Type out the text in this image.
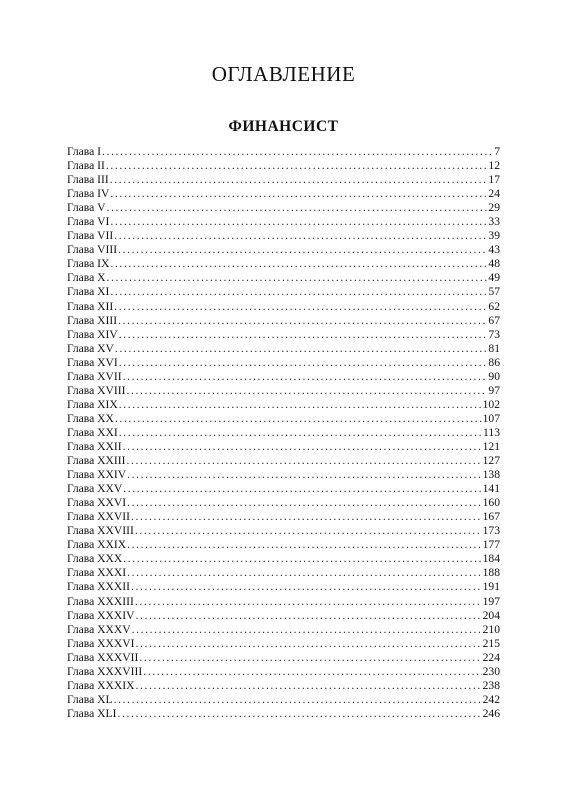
ОГЛАВЛЕНИЕ
ФИНАНСИСТ
Глава I .....	7
Глава II .....	12
Глава III .....	17
Глава IV .....	24
Глава V .....	29
Глава VI .....	33
Глава VII .....	39
Глава VIII .....	43
Глава IX .....	48
Глава X .....	49
Глава XI .....	57
Глава XII .....	62
Глава XIII .....	67
Глава XIV .....	73
Глава XV .....	81
Глава XVI .....	86
Глава XVII .....	90
Глава XVIII .....	97
Глава XIX .....	102
Глава XX .....	107
Глава XXI .....	113
Глава XXII .....	121
Глава XXIII .....	127
Глава XXIV .....	138
Глава XXV .....	141
Глава XXVI .....	160
Глава XXVII .....	167
Глава XXVIII .....	173
Глава XXIX .....	177
Глава XXX .....	184
Глава XXXI .....	188
Глава XXXII .....	191
Глава XXXIII .....	197
Глава XXXIV .....	204
Глава XXXV .....	210
Глава XXXVI .....	215
Глава XXXVII .....	224
Глава XXXVIII .....	230
Глава XXXIX .....	238
Глава XL .....	242
Глава XLI .....	246
